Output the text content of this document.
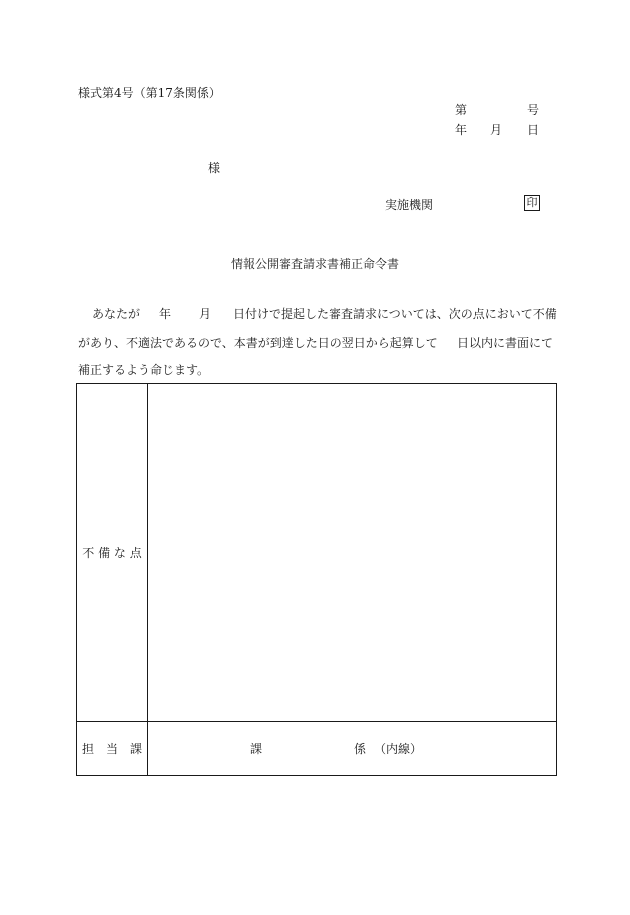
様式第4号（第17条関係）
第	号
年 月 日
様
実施機関	印
情報公開審査請求書補正命令書
あなたが 年 月 日付けで提起した審査請求については、次の点において不備
があり、不適法であるので、本書が到達した日の翌日から起算して 日以内に書面にて
補正するよう命じます。
不 備 な 点	
担　当　課	課 係 （内線）
